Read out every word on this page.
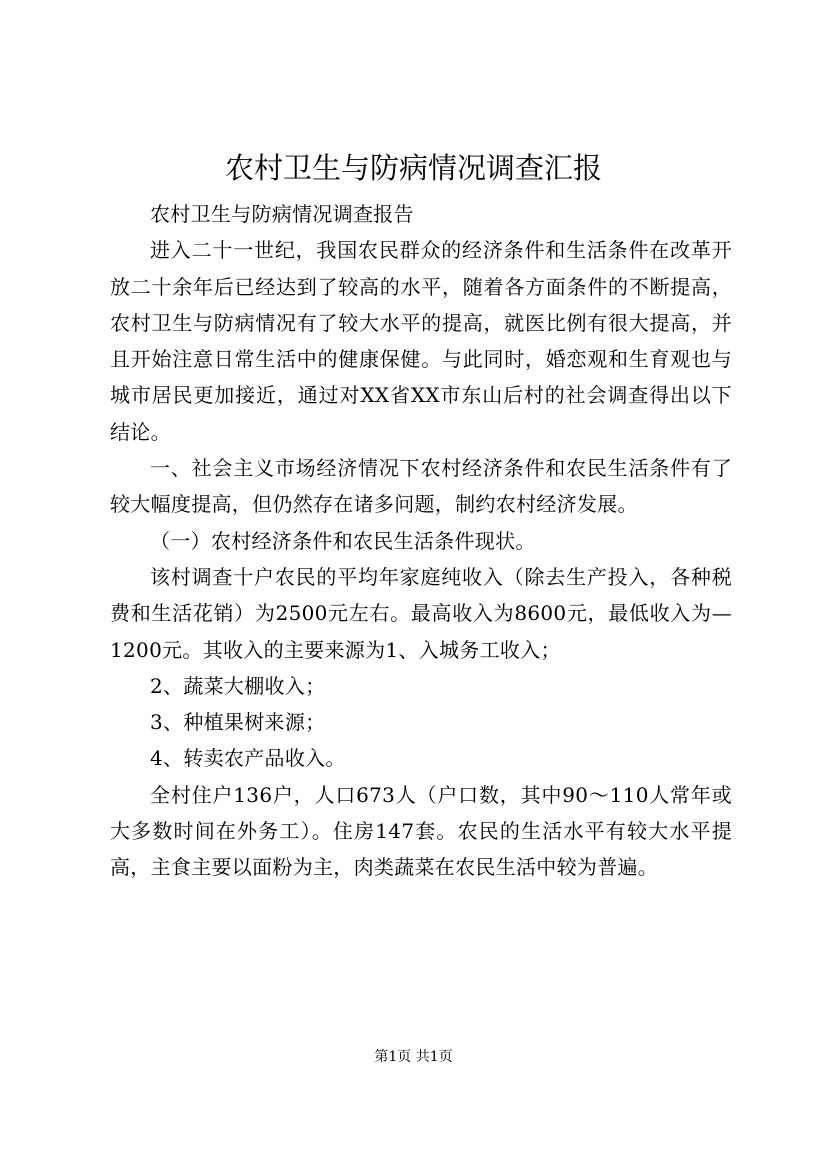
农村卫生与防病情况调查汇报

农村卫生与防病情况调查报告

进入二十一世纪，我国农民群众的经济条件和生活条件在改革开放二十余年后已经达到了较高的水平，随着各方面条件的不断提高，农村卫生与防病情况有了较大水平的提高，就医比例有很大提高，并且开始注意日常生活中的健康保健。与此同时，婚恋观和生育观也与城市居民更加接近，通过对XX省XX市东山后村的社会调查得出以下结论。

一、社会主义市场经济情况下农村经济条件和农民生活条件有了较大幅度提高，但仍然存在诸多问题，制约农村经济发展。

（一）农村经济条件和农民生活条件现状。

该村调查十户农民的平均年家庭纯收入（除去生产投入，各种税费和生活花销）为2500元左右。最高收入为8600元，最低收入为—1200元。其收入的主要来源为1、入城务工收入；

2、蔬菜大棚收入；

3、种植果树来源；

4、转卖农产品收入。

全村住户136户，人口673人（户口数，其中90～110人常年或大多数时间在外务工）。住房147套。农民的生活水平有较大水平提高，主食主要以面粉为主，肉类蔬菜在农民生活中较为普遍。

第1页 共1页
